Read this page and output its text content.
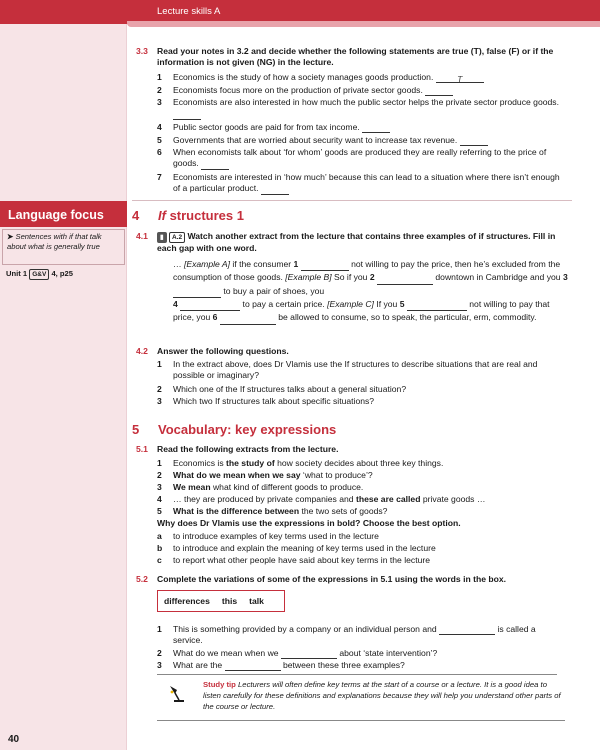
Lecture skills A
Language focus
➤ Sentences with if that talk about what is generally true
Unit 1 G&V 4, p25
40
3.3 Read your notes in 3.2 and decide whether the following statements are true (T), false (F) or if the information is not given (NG) in the lecture.
1 Economics is the study of how a society manages goods production.	T
2 Economists focus more on the production of private sector goods.
3 Economists are also interested in how much the public sector helps the private sector produce goods.
4 Public sector goods are paid for from tax income.
5 Governments that are worried about security want to increase tax revenue.
6 When economists talk about ‘for whom’ goods are produced they are really referring to the price of goods.
7 Economists are interested in ‘how much’ because this can lead to a situation where there isn’t enough of a particular product.
4 If structures 1
4.1	▮ A.2 Watch another extract from the lecture that contains three examples of if structures. Fill in each gap with one word.
… [Example A] if the consumer 1	not willing to pay the price, then he’s excluded from the consumption of those goods. [Example B] So if you 2	downtown in Cambridge and you 3  to buy a pair of shoes, you
4	to pay a certain price. [Example C] If you 5	not willing to pay that price, you 6	be allowed to consume, so to speak, the particular, erm, commodity.
4.2 Answer the following questions.
1 In the extract above, does Dr Vlamis use the If structures to describe situations that are real and possible or imaginary?
2 Which one of the If structures talks about a general situation?
3 Which two If structures talk about specific situations?
5 Vocabulary: key expressions
5.1 Read the following extracts from the lecture.
1 Economics is the study of how society decides about three key things.
2 What do we mean when we say ‘what to produce’?
3 We mean what kind of different goods to produce.
4 … they are produced by private companies and these are called private goods …
5 What is the difference between the two sets of goods?
Why does Dr Vlamis use the expressions in bold? Choose the best option.
a to introduce examples of key terms used in the lecture
b to introduce and explain the meaning of key terms used in the lecture
c to report what other people have said about key terms in the lecture
5.2 Complete the variations of some of the expressions in 5.1 using the words in the box.
differences this talk
1 This is something provided by a company or an individual person and	is called a service.
2 What do we mean when we	about ‘state intervention’?
3 What are the	between these three examples?
Study tip Lecturers will often define key terms at the start of a course or a lecture. It is a good idea to listen carefully for these definitions and explanations because they will help you understand other parts of the course or lecture.
